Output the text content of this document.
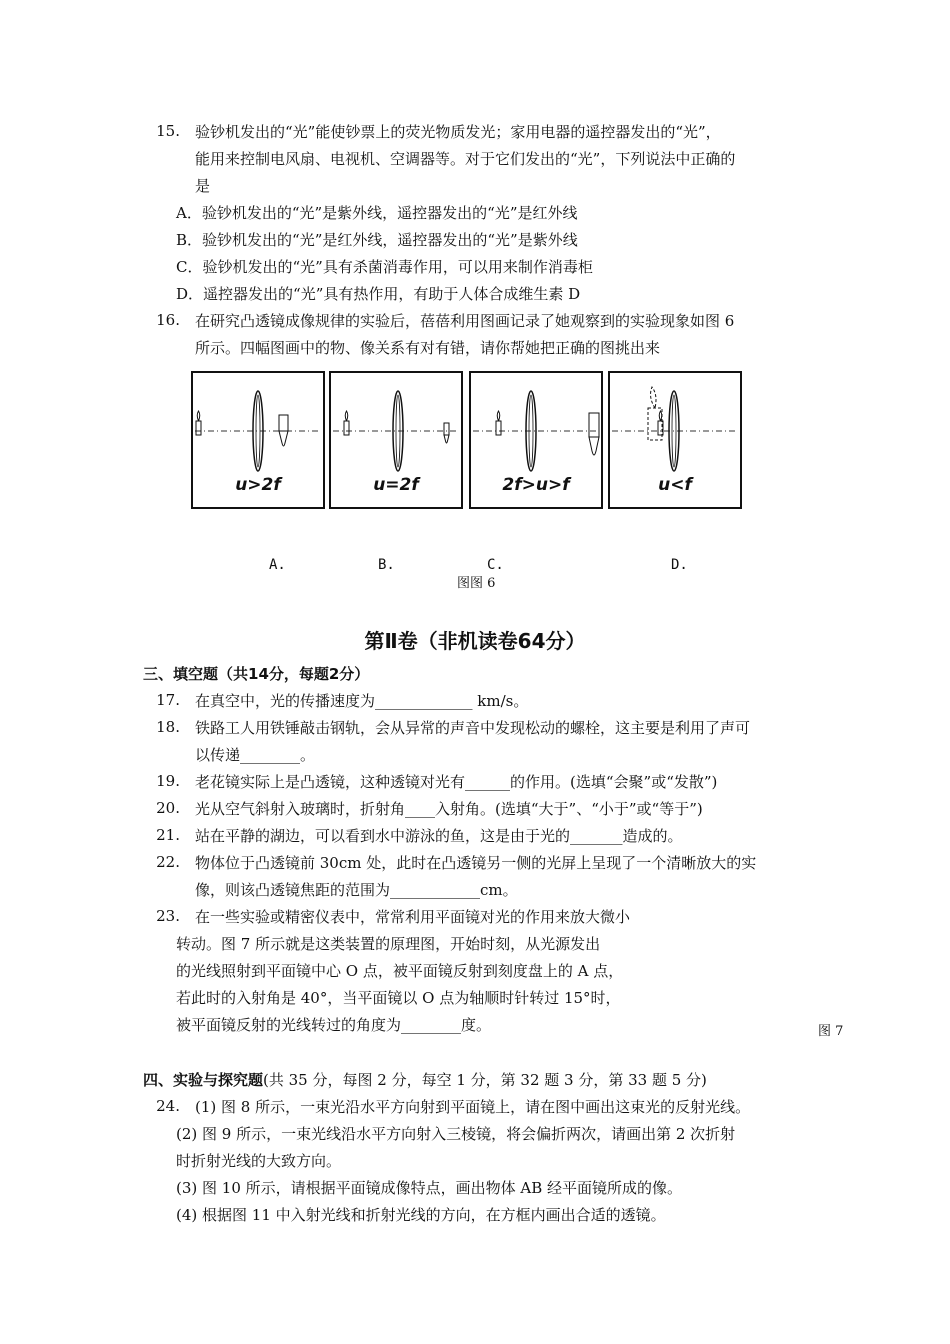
15. 验钞机发出的“光”能使钞票上的荧光物质发光；家用电器的遥控器发出的“光”，
能用来控制电风扇、电视机、空调器等。对于它们发出的“光”，下列说法中正确的
是
A．验钞机发出的“光”是紫外线，遥控器发出的“光”是红外线
B．验钞机发出的“光”是红外线，遥控器发出的“光”是紫外线
C．验钞机发出的“光”具有杀菌消毒作用，可以用来制作消毒柜
D．遥控器发出的“光”具有热作用，有助于人体合成维生素 D
16. 在研究凸透镜成像规律的实验后，蓓蓓利用图画记录了她观察到的实验现象如图 6
所示。四幅图画中的物、像关系有对有错，请你帮她把正确的图挑出来
u>2f	u=2f	2f>u>f	u<f
A.	B.	C.	D.
图图 6
第Ⅱ卷（非机读卷64分）
三、填空题（共14分，每题2分）
17. 在真空中，光的传播速度为_____________ km/s。
18. 铁路工人用铁锤敲击钢轨，会从异常的声音中发现松动的螺栓，这主要是利用了声可
以传递________。
19. 老花镜实际上是凸透镜，这种透镜对光有______的作用。(选填“会聚”或“发散”)
20. 光从空气斜射入玻璃时，折射角____入射角。(选填“大于”、“小于”或“等于”)
21. 站在平静的湖边，可以看到水中游泳的鱼，这是由于光的_______造成的。
22. 物体位于凸透镜前 30cm 处，此时在凸透镜另一侧的光屏上呈现了一个清晰放大的实
像，则该凸透镜焦距的范围为____________cm。
23. 在一些实验或精密仪表中，常常利用平面镜对光的作用来放大微小
转动。图 7 所示就是这类装置的原理图，开始时刻，从光源发出
的光线照射到平面镜中心 O 点，被平面镜反射到刻度盘上的 A 点，
若此时的入射角是 40°，当平面镜以 O 点为轴顺时针转过 15°时，
被平面镜反射的光线转过的角度为________度。	图 7
四、实验与探究题(共 35 分，每图 2 分，每空 1 分，第 32 题 3 分，第 33 题 5 分)
24. (1) 图 8 所示，一束光沿水平方向射到平面镜上，请在图中画出这束光的反射光线。
(2) 图 9 所示，一束光线沿水平方向射入三棱镜，将会偏折两次，请画出第 2 次折射
时折射光线的大致方向。
(3) 图 10 所示，请根据平面镜成像特点，画出物体 AB 经平面镜所成的像。
(4) 根据图 11 中入射光线和折射光线的方向，在方框内画出合适的透镜。
